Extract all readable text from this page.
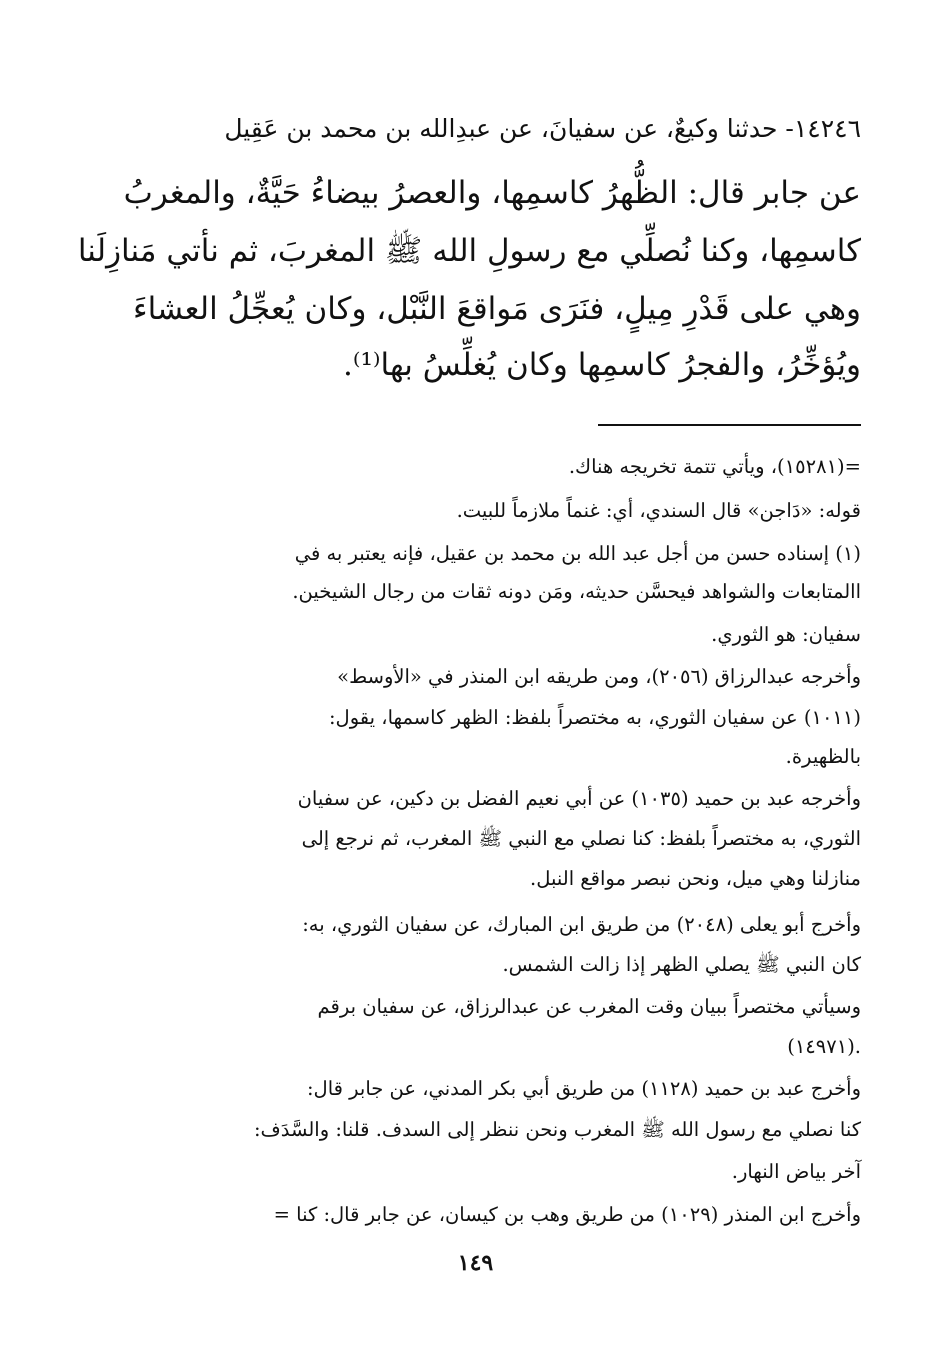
١٤٢٤٦- حدثنا وكيعٌ، عن سفيانَ، عن عبدِالله بن محمد بن عَقِيل
عن جابر قال: الظُّهرُ كاسمِها، والعصرُ بيضاءُ حَيَّةٌ، والمغربُ
كاسمِها، وكنا نُصلِّي مع رسولِ الله ﷺ المغربَ، ثم نأتي مَنازِلَنا
وهي على قَدْرِ مِيلٍ، فنَرَى مَواقعَ النَّبْل، وكان يُعجِّلُ العشاءَ
ويُؤخِّرُ، والفجرُ كاسمِها وكان يُغلِّسُ بها⁽¹⁾.
=(١٥٢٨١)، ويأتي تتمة تخريجه هناك.
قوله: «دَاجن» قال السندي، أي: غنماً ملازماً للبيت.
(١) إسناده حسن من أجل عبد الله بن محمد بن عقيل، فإنه يعتبر به في
االمتابعات والشواهد فيحسَّن حديثه، ومَن دونه ثقات من رجال الشيخين.
سفيان: هو الثوري.
وأخرجه عبدالرزاق (٢٠٥٦)، ومن طريقه ابن المنذر في «الأوسط»
(١٠١١) عن سفيان الثوري، به مختصراً بلفظ: الظهر كاسمها، يقول:
بالظهيرة.
وأخرجه عبد بن حميد (١٠٣٥) عن أبي نعيم الفضل بن دكين، عن سفيان
الثوري، به مختصراً بلفظ: كنا نصلي مع النبي ﷺ المغرب، ثم نرجع إلى
منازلنا وهي ميل، ونحن نبصر مواقع النبل.
وأخرج أبو يعلى (٢٠٤٨) من طريق ابن المبارك، عن سفيان الثوري، به:
كان النبي ﷺ يصلي الظهر إذا زالت الشمس.
وسيأتي مختصراً ببيان وقت المغرب عن عبدالرزاق، عن سفيان برقم
(١٤٩٧١).
وأخرج عبد بن حميد (١١٢٨) من طريق أبي بكر المدني، عن جابر قال:
كنا نصلي مع رسول الله ﷺ المغرب ونحن ننظر إلى السدف. قلنا: والسَّدَف:
آخر بياض النهار.
وأخرج ابن المنذر (١٠٢٩) من طريق وهب بن كيسان، عن جابر قال: كنا =
١٤٩
